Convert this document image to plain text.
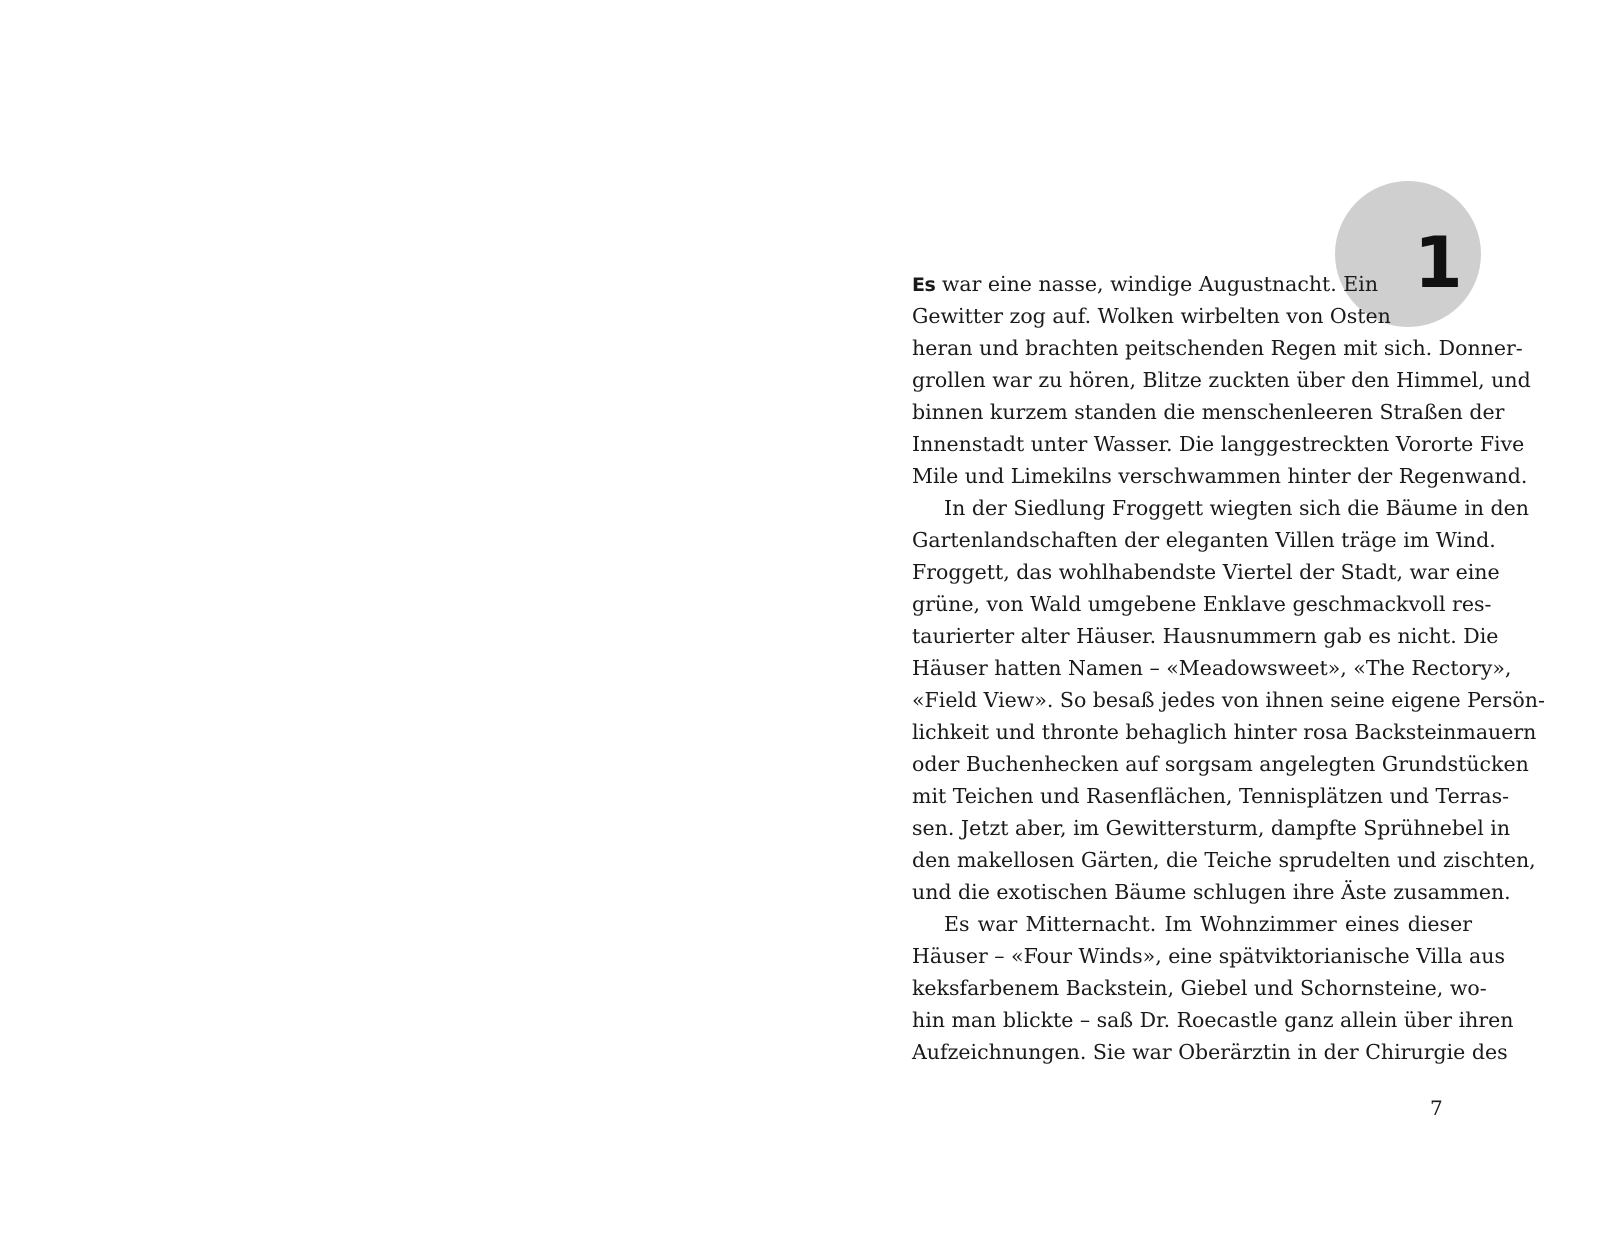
1
Es war eine nasse, windige Augustnacht. Ein
Gewitter zog auf. Wolken wirbelten von Osten
heran und brachten peitschenden Regen mit sich. Donner-
grollen war zu hören, Blitze zuckten über den Himmel, und
binnen kurzem standen die menschenleeren Straßen der
Innenstadt unter Wasser. Die langgestreckten Vororte Five
Mile und Limekilns verschwammen hinter der Regenwand.
In der Siedlung Froggett wiegten sich die Bäume in den
Gartenlandschaften der eleganten Villen träge im Wind.
Froggett, das wohlhabendste Viertel der Stadt, war eine
grüne, von Wald umgebene Enklave geschmackvoll res-
taurierter alter Häuser. Hausnummern gab es nicht. Die
Häuser hatten Namen – «Meadowsweet», «The Rectory»,
«Field View». So besaß jedes von ihnen seine eigene Persön-
lichkeit und thronte behaglich hinter rosa Backsteinmauern
oder Buchenhecken auf sorgsam angelegten Grundstücken
mit Teichen und Rasenflächen, Tennisplätzen und Terras-
sen. Jetzt aber, im Gewittersturm, dampfte Sprühnebel in
den makellosen Gärten, die Teiche sprudelten und zischten,
und die exotischen Bäume schlugen ihre Äste zusammen.
Es war Mitternacht. Im Wohnzimmer eines dieser
Häuser – «Four Winds», eine spätviktorianische Villa aus
keksfarbenem Backstein, Giebel und Schornsteine, wo-
hin man blickte – saß Dr. Roecastle ganz allein über ihren
Aufzeichnungen. Sie war Oberärztin in der Chirurgie des
7
